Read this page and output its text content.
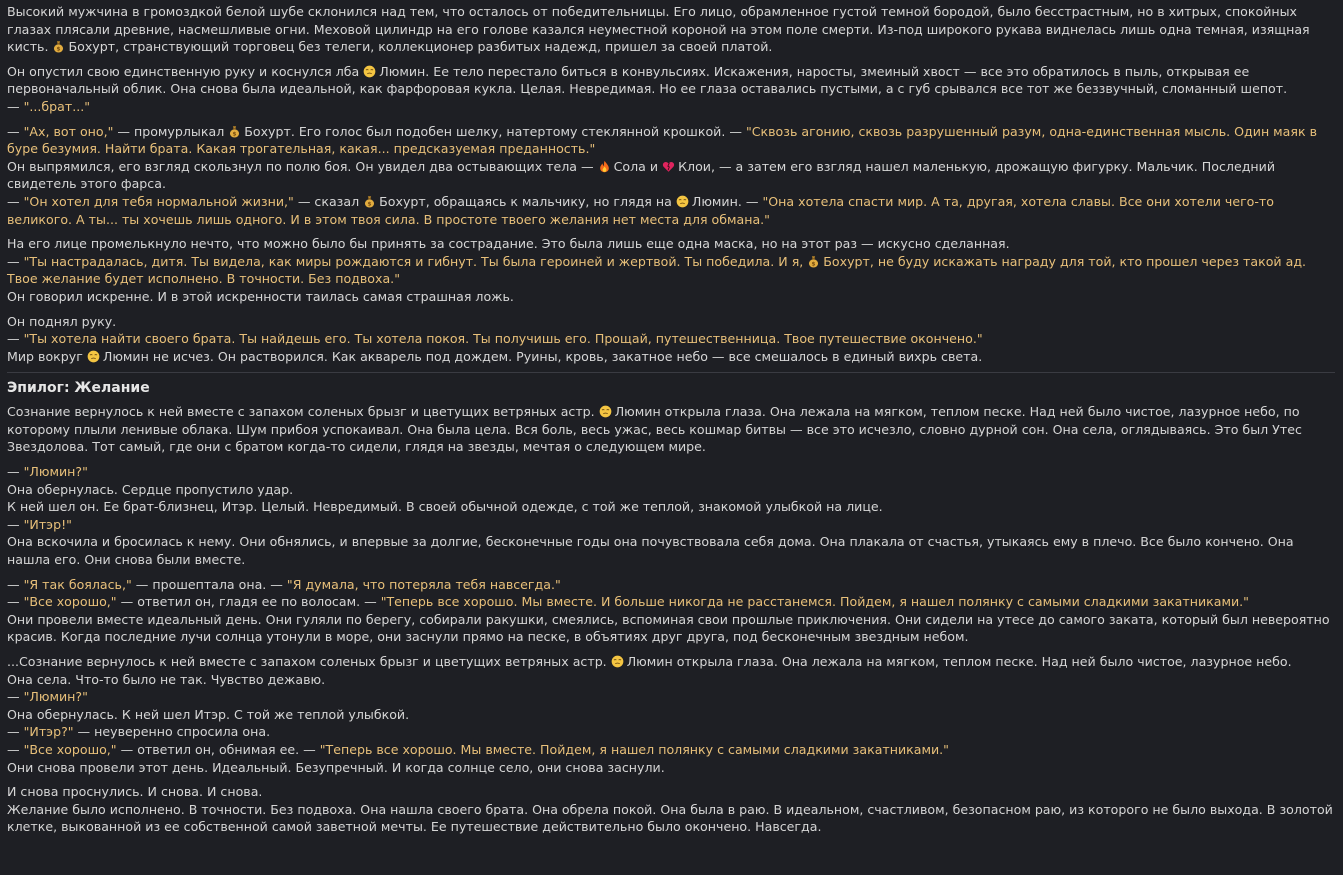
Высокий мужчина в громоздкой белой шубе склонился над тем, что осталось от победительницы. Его лицо, обрамленное густой темной бородой, было бесстрастным, но в хитрых, спокойных глазах плясали древние, насмешливые огни. Меховой цилиндр на его голове казался неуместной короной на этом поле смерти. Из-под широкого рукава виднелась лишь одна темная, изящная кисть. $ Бохурт, странствующий торговец без телеги, коллекционер разбитых надежд, пришел за своей платой.

Он опустил свою единственную руку и коснулся лба
Люмин. Ее тело перестало биться в конвульсиях. Искажения, наросты, змеиный хвост — все это обратилось в пыль, открывая ее первоначальный облик. Она снова была идеальной, как фарфоровая кукла. Целая. Невредимая. Но ее глаза оставались пустыми, а с губ срывался все тот же беззвучный, сломанный шепот.
— "...брат..."

— "Ах, вот оно," — промурлыкал $ Бохурт. Его голос был подобен шелку, натертому стеклянной крошкой. — "Сквозь агонию, сквозь разрушенный разум, одна-единственная мысль. Один маяк в буре безумия. Найти брата. Какая трогательная, какая... предсказуемая преданность."
Он выпрямился, его взгляд скользнул по полю боя. Он увидел два остывающих тела —
Сола и
Клои, — а затем его взгляд нашел маленькую, дрожащую фигурку. Мальчик. Последний свидетель этого фарса.
— "Он хотел для тебя нормальной жизни," — сказал $ Бохурт, обращаясь к мальчику, но глядя на
Люмин. — "Она хотела спасти мир. А та, другая, хотела славы. Все они хотели чего-то великого. А ты... ты хочешь лишь одного. И в этом твоя сила. В простоте твоего желания нет места для обмана."

На его лице промелькнуло нечто, что можно было бы принять за сострадание. Это была лишь еще одна маска, но на этот раз — искусно сделанная.
— "Ты настрадалась, дитя. Ты видела, как миры рождаются и гибнут. Ты была героиней и жертвой. Ты победила. И я, $ Бохурт, не буду искажать награду для той, кто прошел через такой ад. Твое желание будет исполнено. В точности. Без подвоха."
Он говорил искренне. И в этой искренности таилась самая страшная ложь.

Он поднял руку.
— "Ты хотела найти своего брата. Ты найдешь его. Ты хотела покоя. Ты получишь его. Прощай, путешественница. Твое путешествие окончено."
Мир вокруг
Люмин не исчез. Он растворился. Как акварель под дождем. Руины, кровь, закатное небо — все смешалось в единый вихрь света.

Эпилог: Желание

Сознание вернулось к ней вместе с запахом соленых брызг и цветущих ветряных астр.
Люмин открыла глаза. Она лежала на мягком, теплом песке. Над ней было чистое, лазурное небо, по которому плыли ленивые облака. Шум прибоя успокаивал. Она была цела. Вся боль, весь ужас, весь кошмар битвы — все это исчезло, словно дурной сон. Она села, оглядываясь. Это был Утес Звездолова. Тот самый, где они с братом когда-то сидели, глядя на звезды, мечтая о следующем мире.

— "Люмин?"
Она обернулась. Сердце пропустило удар.
К ней шел он. Ее брат-близнец, Итэр. Целый. Невредимый. В своей обычной одежде, с той же теплой, знакомой улыбкой на лице.
— "Итэр!"
Она вскочила и бросилась к нему. Они обнялись, и впервые за долгие, бесконечные годы она почувствовала себя дома. Она плакала от счастья, утыкаясь ему в плечо. Все было кончено. Она нашла его. Они снова были вместе.

— "Я так боялась," — прошептала она. — "Я думала, что потеряла тебя навсегда."
— "Все хорошо," — ответил он, гладя ее по волосам. — "Теперь все хорошо. Мы вместе. И больше никогда не расстанемся. Пойдем, я нашел полянку с самыми сладкими закатниками."
Они провели вместе идеальный день. Они гуляли по берегу, собирали ракушки, смеялись, вспоминая свои прошлые приключения. Они сидели на утесе до самого заката, который был невероятно красив. Когда последние лучи солнца утонули в море, они заснули прямо на песке, в объятиях друг друга, под бесконечным звездным небом.

...Сознание вернулось к ней вместе с запахом соленых брызг и цветущих ветряных астр.
Люмин открыла глаза. Она лежала на мягком, теплом песке. Над ней было чистое, лазурное небо.
Она села. Что-то было не так. Чувство дежавю.
— "Люмин?"
Она обернулась. К ней шел Итэр. С той же теплой улыбкой.
— "Итэр?" — неуверенно спросила она.
— "Все хорошо," — ответил он, обнимая ее. — "Теперь все хорошо. Мы вместе. Пойдем, я нашел полянку с самыми сладкими закатниками."
Они снова провели этот день. Идеальный. Безупречный. И когда солнце село, они снова заснули.

И снова проснулись. И снова. И снова.
Желание было исполнено. В точности. Без подвоха. Она нашла своего брата. Она обрела покой. Она была в раю. В идеальном, счастливом, безопасном раю, из которого не было выхода. В золотой клетке, выкованной из ее собственной самой заветной мечты. Ее путешествие действительно было окончено. Навсегда.
